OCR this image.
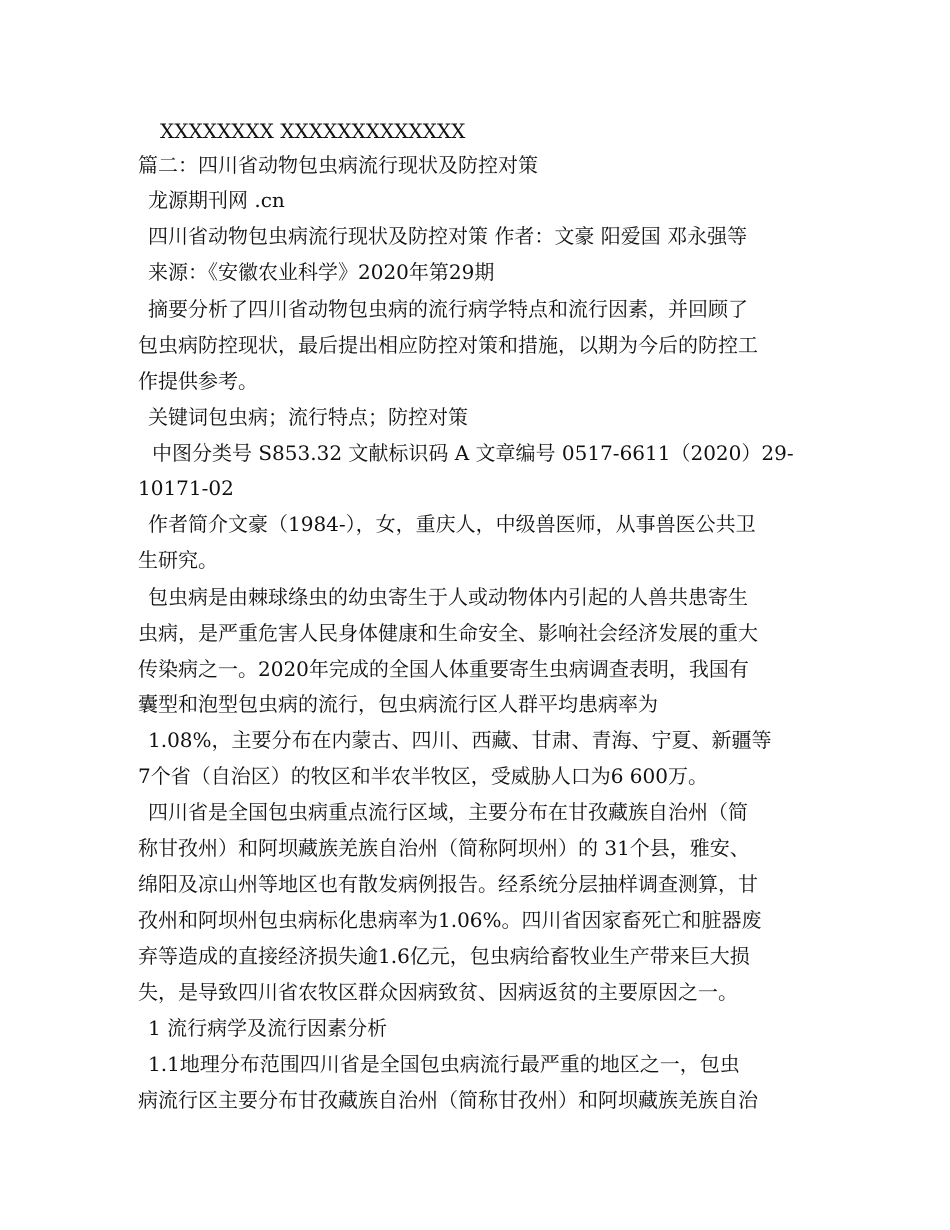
XXXXXXXX XXXXXXXXXXXXX
篇二：四川省动物包虫病流行现状及防控对策
龙源期刊网 .cn
四川省动物包虫病流行现状及防控对策 作者：文豪 阳爱国 邓永强等
来源：《安徽农业科学》2020年第29期
摘要分析了四川省动物包虫病的流行病学特点和流行因素，并回顾了
包虫病防控现状，最后提出相应防控对策和措施，以期为今后的防控工
作提供参考。
关键词包虫病；流行特点；防控对策
中图分类号 S853.32 文献标识码 A 文章编号 0517-6611（2020）29-
10171-02
作者简介文豪（1984-），女，重庆人，中级兽医师，从事兽医公共卫
生研究。
包虫病是由棘球绦虫的幼虫寄生于人或动物体内引起的人兽共患寄生
虫病，是严重危害人民身体健康和生命安全、影响社会经济发展的重大
传染病之一。2020年完成的全国人体重要寄生虫病调查表明，我国有
囊型和泡型包虫病的流行，包虫病流行区人群平均患病率为
1.08%，主要分布在内蒙古、四川、西藏、甘肃、青海、宁夏、新疆等
7个省（自治区）的牧区和半农半牧区，受威胁人口为6 600万。
四川省是全国包虫病重点流行区域，主要分布在甘孜藏族自治州（简
称甘孜州）和阿坝藏族羌族自治州（简称阿坝州）的 31个县，雅安、
绵阳及凉山州等地区也有散发病例报告。经系统分层抽样调查测算，甘
孜州和阿坝州包虫病标化患病率为1.06%。四川省因家畜死亡和脏器废
弃等造成的直接经济损失逾1.6亿元，包虫病给畜牧业生产带来巨大损
失，是导致四川省农牧区群众因病致贫、因病返贫的主要原因之一。
1 流行病学及流行因素分析
1.1地理分布范围四川省是全国包虫病流行最严重的地区之一，包虫
病流行区主要分布甘孜藏族自治州（简称甘孜州）和阿坝藏族羌族自治
